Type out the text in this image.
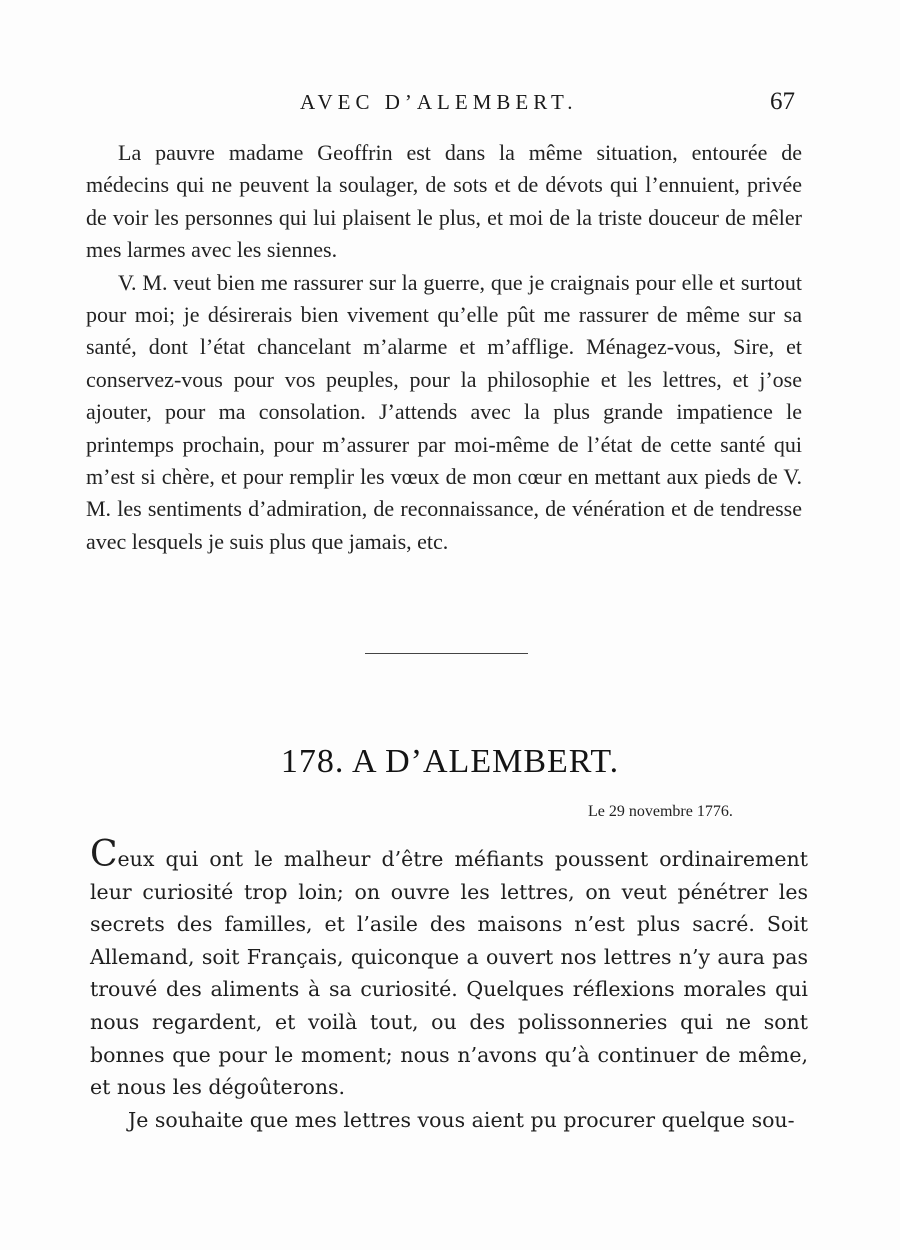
AVEC D’ALEMBERT.	67

La pauvre madame Geoffrin est dans la même situation, entourée de médecins qui ne peuvent la soulager, de sots et de dévots qui l’ennuient, privée de voir les personnes qui lui plaisent le plus, et moi de la triste douceur de mêler mes larmes avec les siennes.

V. M. veut bien me rassurer sur la guerre, que je craignais pour elle et surtout pour moi; je désirerais bien vivement qu’elle pût me rassurer de même sur sa santé, dont l’état chancelant m’alarme et m’afflige. Ménagez-vous, Sire, et conservez-vous pour vos peuples, pour la philosophie et les lettres, et j’ose ajouter, pour ma consolation. J’attends avec la plus grande impatience le printemps prochain, pour m’assurer par moi-même de l’état de cette santé qui m’est si chère, et pour remplir les vœux de mon cœur en mettant aux pieds de V. M. les sentiments d’admiration, de reconnaissance, de vénération et de tendresse avec lesquels je suis plus que jamais, etc.

178. A D’ALEMBERT.
Le 29 novembre 1776.

Ceux qui ont le malheur d’être méfiants poussent ordinairement leur curiosité trop loin; on ouvre les lettres, on veut pénétrer les secrets des familles, et l’asile des maisons n’est plus sacré. Soit Allemand, soit Français, quiconque a ouvert nos lettres n’y aura pas trouvé des aliments à sa curiosité. Quelques réflexions morales qui nous regardent, et voilà tout, ou des polissonneries qui ne sont bonnes que pour le moment; nous n’avons qu’à continuer de même, et nous les dégoûterons.

Je souhaite que mes lettres vous aient pu procurer quelque sou-
